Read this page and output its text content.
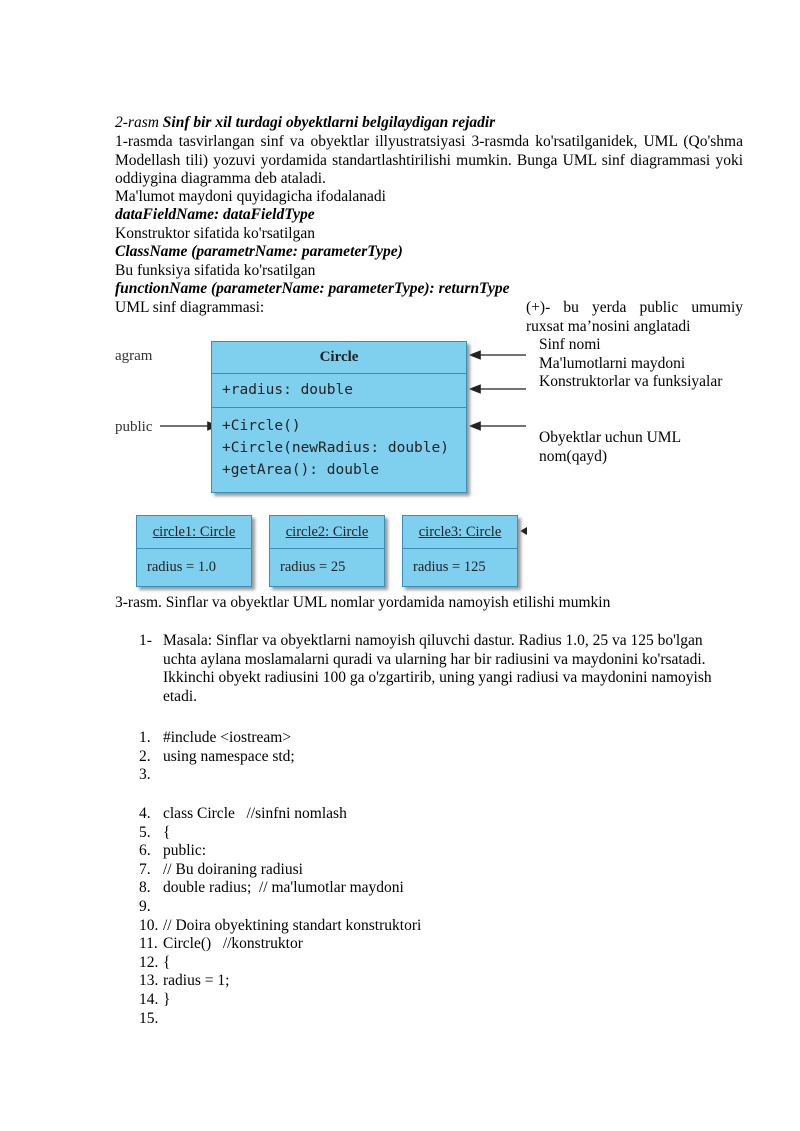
2-rasm Sinf bir xil turdagi obyektlarni belgilaydigan rejadir

1-rasmda tasvirlangan sinf va obyektlar illyustratsiyasi 3-rasmda ko'rsatilganidek, UML (Qo'shma Modellash tili) yozuvi yordamida standartlashtirilishi mumkin. Bunga UML sinf diagrammasi yoki oddiygina diagramma deb ataladi.

Ma'lumot maydoni quyidagicha ifodalanadi
dataFieldName: dataFieldType
Konstruktor sifatida ko'rsatilgan
ClassName (parametrName: parameterType)
Bu funksiya sifatida ko'rsatilgan
functionName (parameterName: parameterType): returnType
UML sinf diagrammasi:	(+)- bu yerda public umumiy ruxsat ma’nosini anglatadi
Sinf nomi
Ma'lumotlarni maydoni
Konstruktorlar va funksiyalar
Obyektlar uchun UML nom(qayd)
agram
public
Circle
+radius: double
+Circle()
+Circle(newRadius: double)
+getArea(): double
circle1: Circle
radius = 1.0
circle2: Circle
radius = 25
circle3: Circle
radius = 125
3-rasm. Sinflar va obyektlar UML nomlar yordamida namoyish etilishi mumkin
1- Masala: Sinflar va obyektlarni namoyish qiluvchi dastur. Radius 1.0, 25 va 125 bo'lgan uchta aylana moslamalarni quradi va ularning har bir radiusini va maydonini ko'rsatadi. Ikkinchi obyekt radiusini 100 ga o'zgartirib, uning yangi radiusi va maydonini namoyish etadi.
1. #include <iostream>
2. using namespace std;
3.
4. class Circle   //sinfni nomlash
5. {
6. public:
7. // Bu doiraning radiusi
8. double radius;  // ma'lumotlar maydoni
9.
10. // Doira obyektining standart konstruktori
11. Circle()   //konstruktor
12. {
13. radius = 1;
14. }
15.
